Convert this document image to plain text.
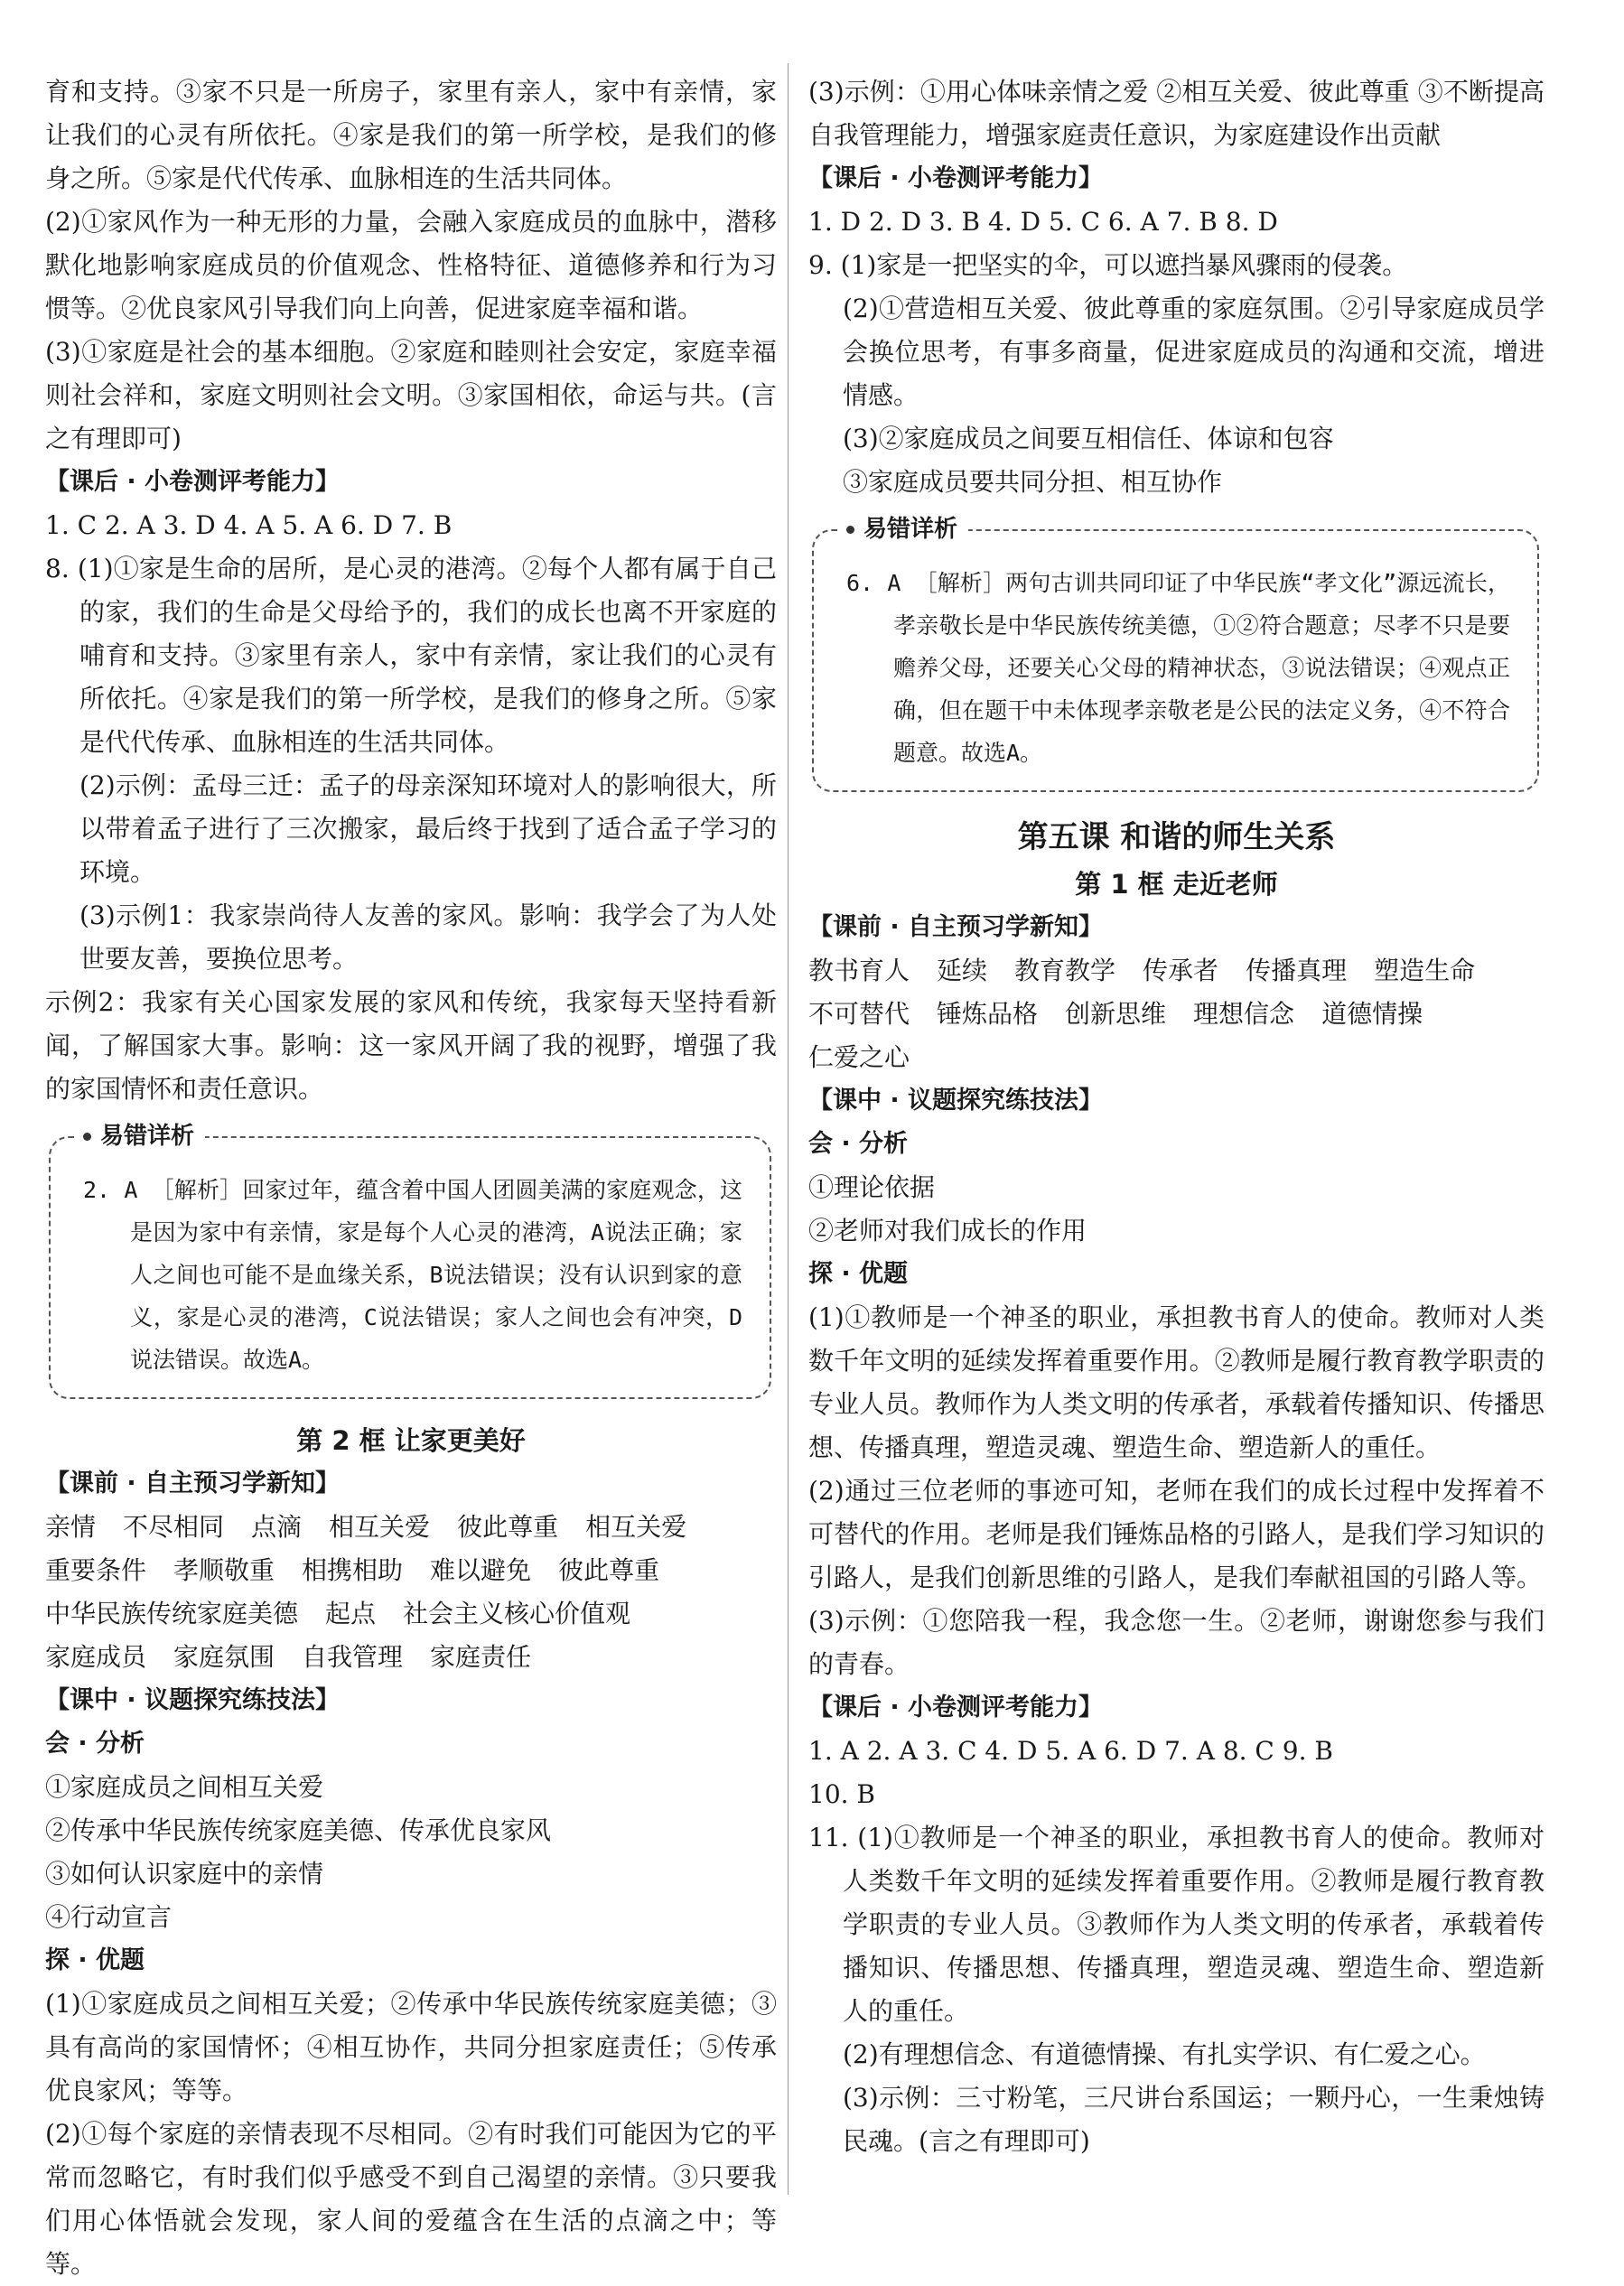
育和支持。③家不只是一所房子，家里有亲人，家中有亲情，家让我们的心灵有所依托。④家是我们的第一所学校，是我们的修身之所。⑤家是代代传承、血脉相连的生活共同体。

(2)①家风作为一种无形的力量，会融入家庭成员的血脉中，潜移默化地影响家庭成员的价值观念、性格特征、道德修养和行为习惯等。②优良家风引导我们向上向善，促进家庭幸福和谐。

(3)①家庭是社会的基本细胞。②家庭和睦则社会安定，家庭幸福则社会祥和，家庭文明则社会文明。③家国相依，命运与共。(言之有理即可)

【课后 · 小卷测评考能力】

1. C 2. A 3. D 4. A 5. A 6. D 7. B

8. (1)①家是生命的居所，是心灵的港湾。②每个人都有属于自己的家，我们的生命是父母给予的，我们的成长也离不开家庭的哺育和支持。③家里有亲人，家中有亲情，家让我们的心灵有所依托。④家是我们的第一所学校，是我们的修身之所。⑤家是代代传承、血脉相连的生活共同体。

(2)示例：孟母三迁：孟子的母亲深知环境对人的影响很大，所以带着孟子进行了三次搬家，最后终于找到了适合孟子学习的环境。

(3)示例1：我家崇尚待人友善的家风。影响：我学会了为人处世要友善，要换位思考。

示例2：我家有关心国家发展的家风和传统，我家每天坚持看新闻，了解国家大事。影响：这一家风开阔了我的视野，增强了我的家国情怀和责任意识。

易错详析

2. A ［解析］回家过年，蕴含着中国人团圆美满的家庭观念，这是因为家中有亲情，家是每个人心灵的港湾，A说法正确；家人之间也可能不是血缘关系，B说法错误；没有认识到家的意义，家是心灵的港湾，C说法错误；家人之间也会有冲突，D说法错误。故选A。

第 2 框 让家更美好

【课前 · 自主预习学新知】

亲情 不尽相同 点滴 相互关爱 彼此尊重 相互关爱

重要条件 孝顺敬重 相携相助 难以避免 彼此尊重

中华民族传统家庭美德 起点 社会主义核心价值观

家庭成员 家庭氛围 自我管理 家庭责任

【课中 · 议题探究练技法】

会 · 分析

①家庭成员之间相互关爱

②传承中华民族传统家庭美德、传承优良家风

③如何认识家庭中的亲情

④行动宣言

探 · 优题

(1)①家庭成员之间相互关爱；②传承中华民族传统家庭美德；③具有高尚的家国情怀；④相互协作，共同分担家庭责任；⑤传承优良家风；等等。

(2)①每个家庭的亲情表现不尽相同。②有时我们可能因为它的平常而忽略它，有时我们似乎感受不到自己渴望的亲情。③只要我们用心体悟就会发现，家人间的爱蕴含在生活的点滴之中；等等。

(3)示例：①用心体味亲情之爱 ②相互关爱、彼此尊重 ③不断提高自我管理能力，增强家庭责任意识，为家庭建设作出贡献

【课后 · 小卷测评考能力】

1. D 2. D 3. B 4. D 5. C 6. A 7. B 8. D

9. (1)家是一把坚实的伞，可以遮挡暴风骤雨的侵袭。

(2)①营造相互关爱、彼此尊重的家庭氛围。②引导家庭成员学会换位思考，有事多商量，促进家庭成员的沟通和交流，增进情感。

(3)②家庭成员之间要互相信任、体谅和包容

③家庭成员要共同分担、相互协作

易错详析

6. A ［解析］两句古训共同印证了中华民族“孝文化”源远流长，孝亲敬长是中华民族传统美德，①②符合题意；尽孝不只是要赡养父母，还要关心父母的精神状态，③说法错误；④观点正确，但在题干中未体现孝亲敬老是公民的法定义务，④不符合题意。故选A。

第五课 和谐的师生关系

第 1 框 走近老师

【课前 · 自主预习学新知】

教书育人 延续 教育教学 传承者 传播真理 塑造生命

不可替代 锤炼品格 创新思维 理想信念 道德情操

仁爱之心

【课中 · 议题探究练技法】

会 · 分析

①理论依据

②老师对我们成长的作用

探 · 优题

(1)①教师是一个神圣的职业，承担教书育人的使命。教师对人类数千年文明的延续发挥着重要作用。②教师是履行教育教学职责的专业人员。教师作为人类文明的传承者，承载着传播知识、传播思想、传播真理，塑造灵魂、塑造生命、塑造新人的重任。

(2)通过三位老师的事迹可知，老师在我们的成长过程中发挥着不可替代的作用。老师是我们锤炼品格的引路人，是我们学习知识的引路人，是我们创新思维的引路人，是我们奉献祖国的引路人等。

(3)示例：①您陪我一程，我念您一生。②老师，谢谢您参与我们的青春。

【课后 · 小卷测评考能力】

1. A 2. A 3. C 4. D 5. A 6. D 7. A 8. C 9. B

10. B

11. (1)①教师是一个神圣的职业，承担教书育人的使命。教师对人类数千年文明的延续发挥着重要作用。②教师是履行教育教学职责的专业人员。③教师作为人类文明的传承者，承载着传播知识、传播思想、传播真理，塑造灵魂、塑造生命、塑造新人的重任。

(2)有理想信念、有道德情操、有扎实学识、有仁爱之心。

(3)示例：三寸粉笔，三尺讲台系国运；一颗丹心，一生秉烛铸民魂。(言之有理即可)
